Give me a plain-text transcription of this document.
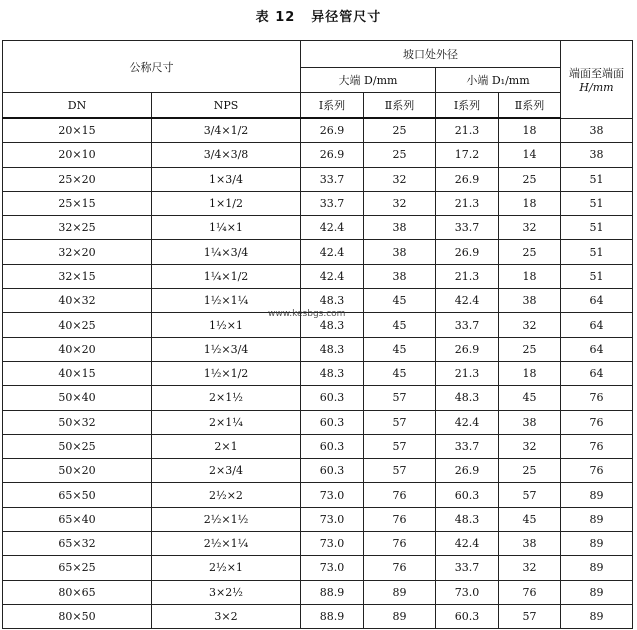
表 12 异径管尺寸
公称尺寸		坡口处外径				端面至端面
H/mm

		大端 D/mm		小端 D₁/mm		
DN	NPS	Ⅰ系列	Ⅱ系列	Ⅰ系列	Ⅱ系列	
20×15	3/4×1/2	26.9	25	21.3	18	38
20×10	3/4×3/8	26.9	25	17.2	14	38
25×20	1×3/4	33.7	32	26.9	25	51
25×15	1×1/2	33.7	32	21.3	18	51
32×25	1¼×1	42.4	38	33.7	32	51
32×20	1¼×3/4	42.4	38	26.9	25	51
32×15	1¼×1/2	42.4	38	21.3	18	51
40×32	1½×1¼	48.3	45	42.4	38	64
40×25	1½×1	48.3	45	33.7	32	64
40×20	1½×3/4	48.3	45	26.9	25	64
40×15	1½×1/2	48.3	45	21.3	18	64
50×40	2×1½	60.3	57	48.3	45	76
50×32	2×1¼	60.3	57	42.4	38	76
50×25	2×1	60.3	57	33.7	32	76
50×20	2×3/4	60.3	57	26.9	25	76
65×50	2½×2	73.0	76	60.3	57	89
65×40	2½×1½	73.0	76	48.3	45	89
65×32	2½×1¼	73.0	76	42.4	38	89
65×25	2½×1	73.0	76	33.7	32	89
80×65	3×2½	88.9	89	73.0	76	89
80×50	3×2	88.9	89	60.3	57	89
www.kesbgs.com
